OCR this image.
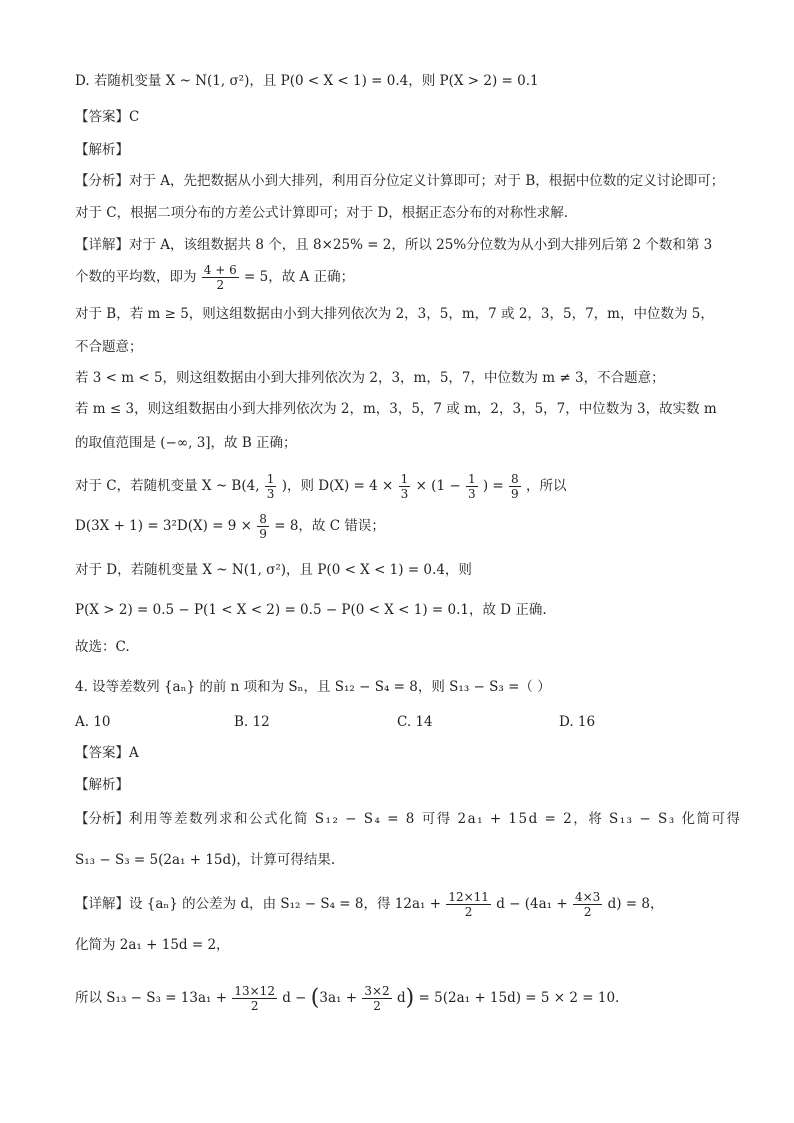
D. 若随机变量 X ~ N(1, σ²)，且 P(0 < X < 1) = 0.4，则 P(X > 2) = 0.1
【答案】C
【解析】
【分析】对于 A，先把数据从小到大排列，利用百分位定义计算即可；对于 B，根据中位数的定义讨论即可；
对于 C，根据二项分布的方差公式计算即可；对于 D，根据正态分布的对称性求解.
【详解】对于 A，该组数据共 8 个，且 8×25% = 2，所以 25%分位数为从小到大排列后第 2 个数和第 3
个数的平均数，即为 $\frac{4 + 6}{2} = 5$，故 A 正确；
对于 B，若 m ≥ 5，则这组数据由小到大排列依次为 2，3，5，m，7 或 2，3，5，7，m，中位数为 5，
不合题意；
若 3 < m < 5，则这组数据由小到大排列依次为 2，3，m，5，7，中位数为 m ≠ 3，不合题意；
若 m ≤ 3，则这组数据由小到大排列依次为 2，m，3，5，7 或 m，2，3，5，7，中位数为 3，故实数 m
的取值范围是 (−∞, 3]，故 B 正确；
对于 C，若随机变量 X ~ B(4, $\frac{1}{3}$ )，则 $D(X) = 4 \times \frac{1}{3} \times (1 - \frac{1}{3}$ ) = $\frac{8}{9}$ ，所以
$D(3X + 1) = 3^2D(X) = 9 \times \frac{8}{9} = 8$，故 C 错误；
对于 D，若随机变量 X ~ N(1, σ²)，且 P(0 < X < 1) = 0.4，则
P(X > 2) = 0.5 − P(1 < X < 2) = 0.5 − P(0 < X < 1) = 0.1，故 D 正确.
故选：C.
4. 设等差数列 {aₙ} 的前 n 项和为 Sₙ，且 S₁₂ − S₄ = 8，则 S₁₃ − S₃ =（ ）
A. 10	B. 12	C. 14	D. 16
【答案】A
【解析】
【分析】利用等差数列求和公式化简 S₁₂ − S₄ = 8 可得 2a₁ + 15d = 2，将 S₁₃ − S₃ 化简可得
S₁₃ − S₃ = 5(2a₁ + 15d)，计算可得结果.
【详解】设 {aₙ} 的公差为 d，由 S₁₂ − S₄ = 8，得 $12a_1 + \frac{12\times 11}{2}$ $d - (4a_1 + \frac{4\times 3}{2} d) = 8$，
化简为 2a₁ + 15d = 2，
所以 $S_{13} - S_3 = 13a_1 + \frac{13\times 12}{2}$ $d - (3a_1 + \frac{3\times 2}{2} d) = 5(2a_1 + 15d) = 5 \times 2 = 10$.
